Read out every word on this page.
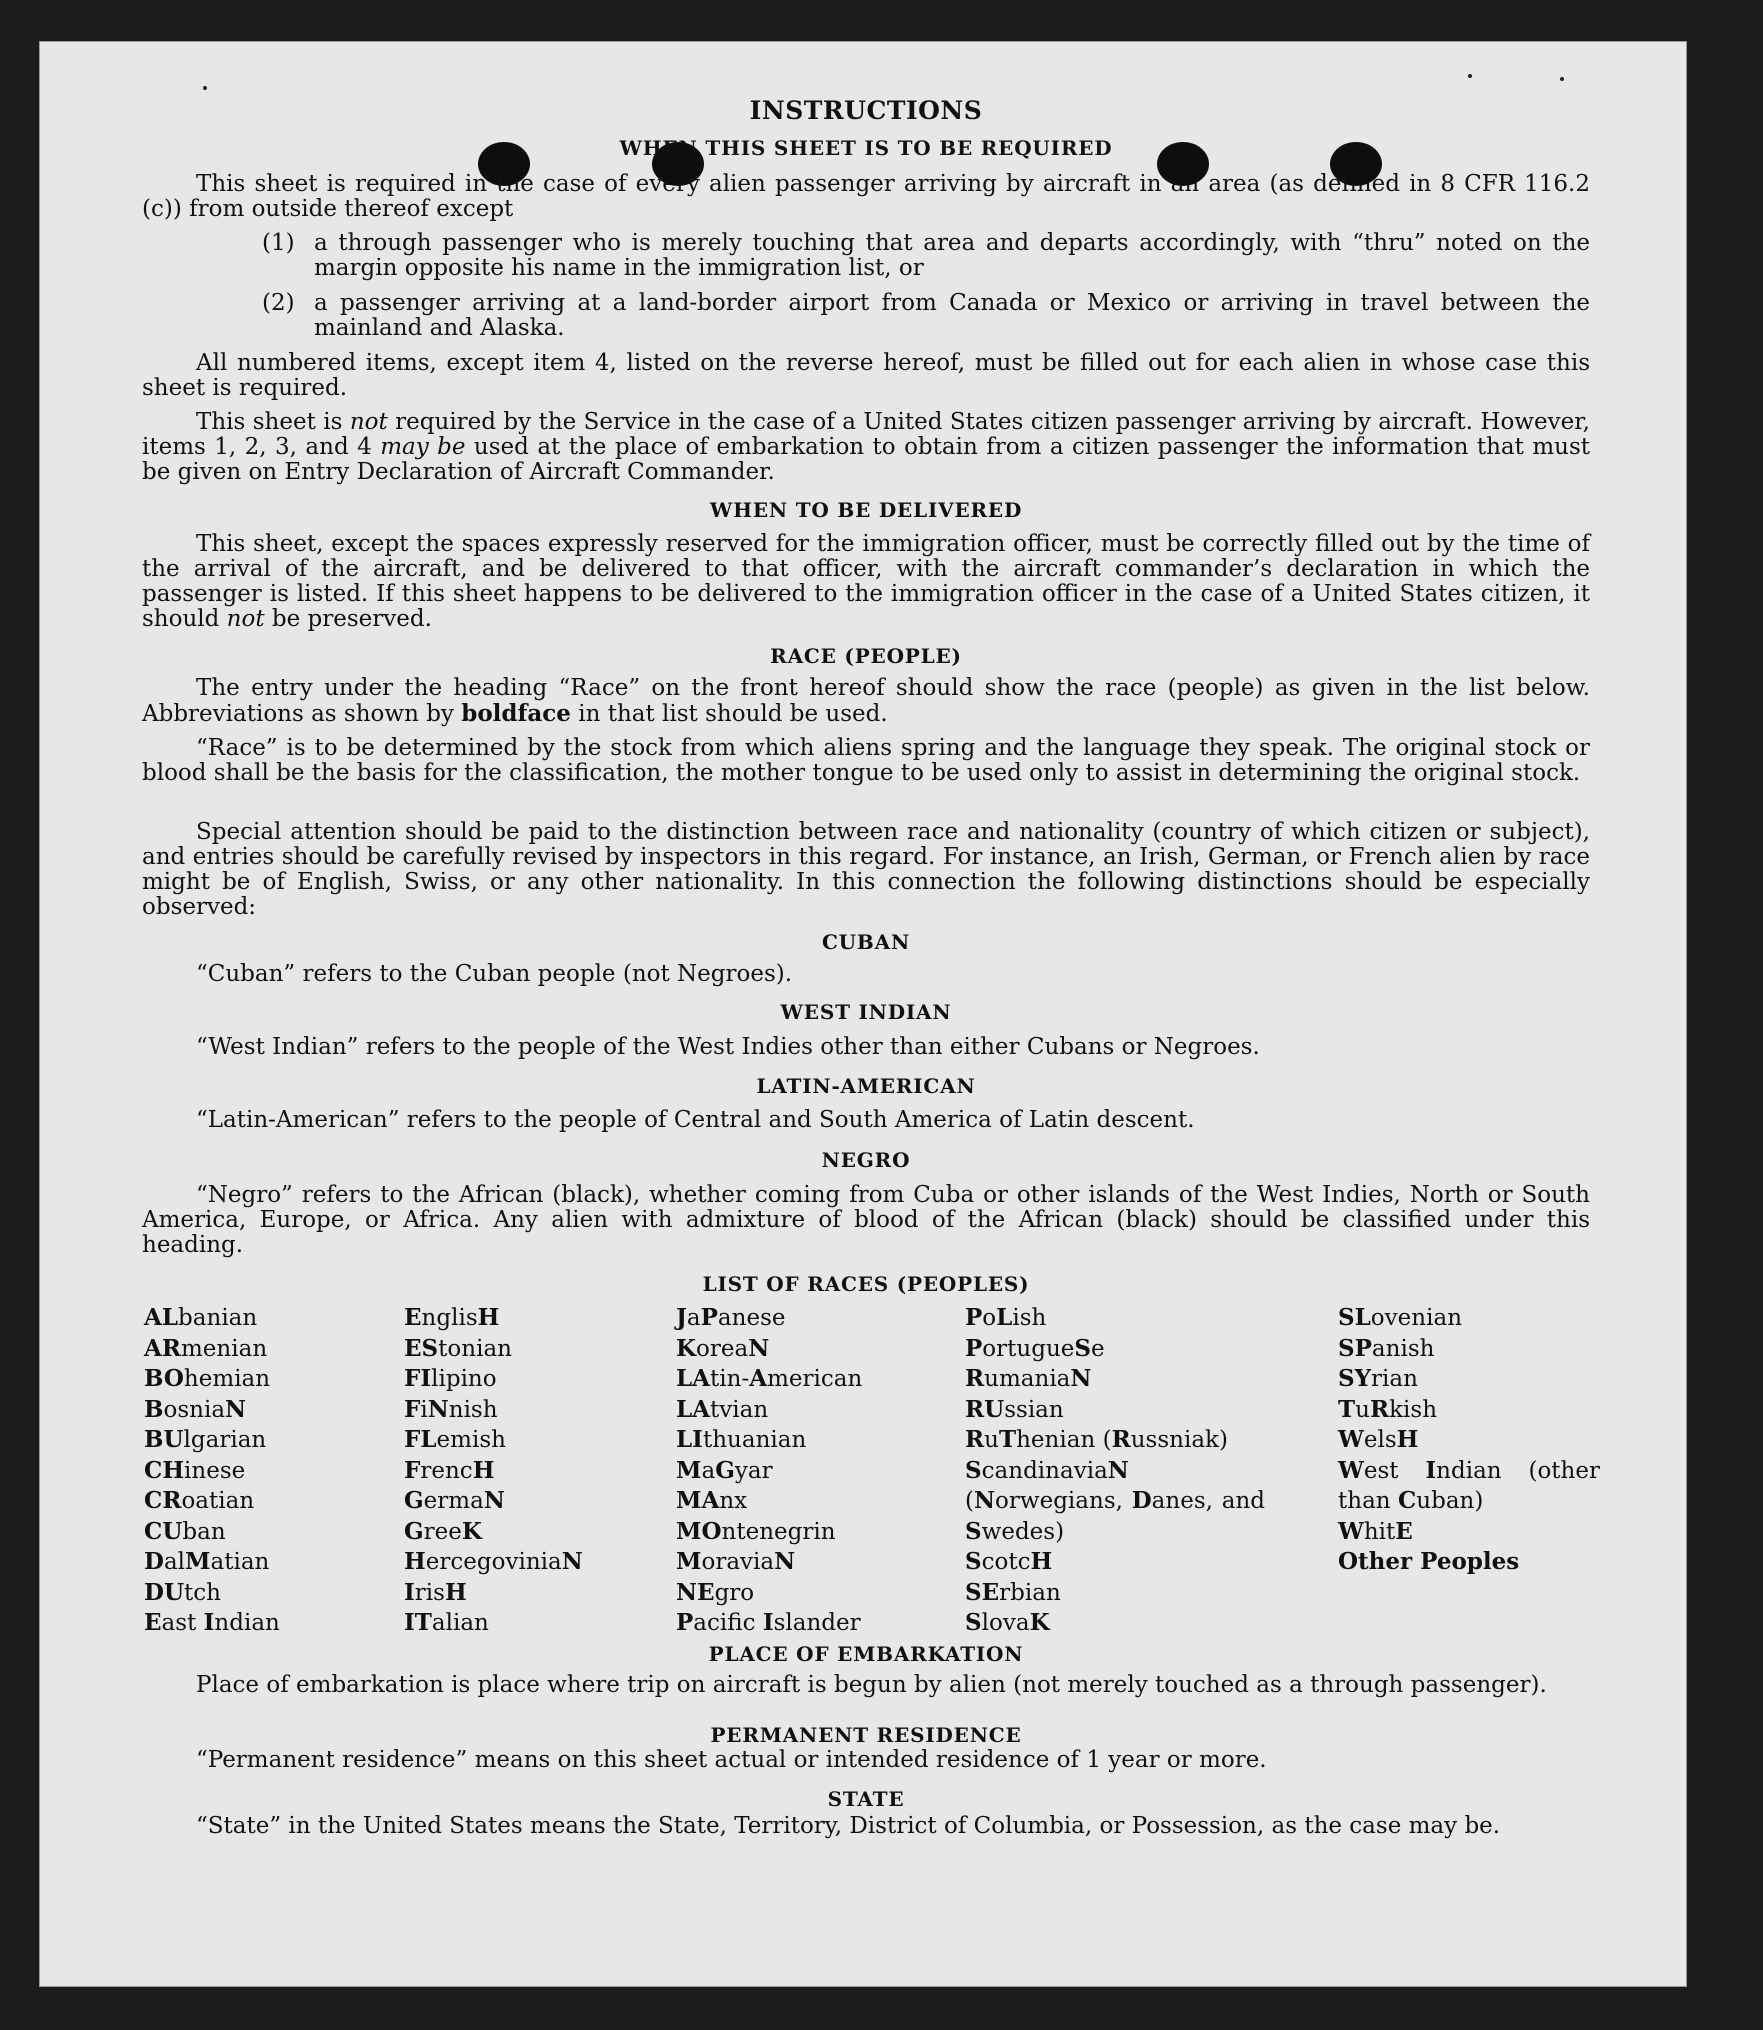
INSTRUCTIONS
WHEN THIS SHEET IS TO BE REQUIRED
This sheet is required in the case of every alien passenger arriving by aircraft in an area (as defined in 8 CFR 116.2 (c)) from outside thereof except
(1) a through passenger who is merely touching that area and departs accordingly, with “thru” noted on the margin opposite his name in the immigration list, or
(2) a passenger arriving at a land-border airport from Canada or Mexico or arriving in travel between the mainland and Alaska.
All numbered items, except item 4, listed on the reverse hereof, must be filled out for each alien in whose case this sheet is required.
This sheet is not required by the Service in the case of a United States citizen passenger arriving by aircraft. However, items 1, 2, 3, and 4 may be used at the place of embarkation to obtain from a citizen passenger the information that must be given on Entry Declaration of Aircraft Commander.
WHEN TO BE DELIVERED
This sheet, except the spaces expressly reserved for the immigration officer, must be correctly filled out by the time of the arrival of the aircraft, and be delivered to that officer, with the aircraft commander’s declaration in which the passenger is listed. If this sheet happens to be delivered to the immigration officer in the case of a United States citizen, it should not be preserved.
RACE (PEOPLE)
The entry under the heading “Race” on the front hereof should show the race (people) as given in the list below. Abbreviations as shown by boldface in that list should be used.
“Race” is to be determined by the stock from which aliens spring and the language they speak. The original stock or blood shall be the basis for the classification, the mother tongue to be used only to assist in determining the original stock.
Special attention should be paid to the distinction between race and nationality (country of which citizen or subject), and entries should be carefully revised by inspectors in this regard. For instance, an Irish, German, or French alien by race might be of English, Swiss, or any other nationality. In this connection the following distinctions should be especially observed:
CUBAN
“Cuban” refers to the Cuban people (not Negroes).
WEST INDIAN
“West Indian” refers to the people of the West Indies other than either Cubans or Negroes.
LATIN-AMERICAN
“Latin-American” refers to the people of Central and South America of Latin descent.
NEGRO
“Negro” refers to the African (black), whether coming from Cuba or other islands of the West Indies, North or South America, Europe, or Africa. Any alien with admixture of blood of the African (black) should be classified under this heading.
LIST OF RACES (PEOPLES)
ALbanian
ARmenian
BOhemian
BosniaN
BUlgarian
CHinese
CRoatian
CUban
DalMatian
DUtch
East Indian
EnglisH
EStonian
FIlipino
FiNnish
FLemish
FrencH
GermaN
GreeK
HercegoviniaN
IrisH
ITalian
JaPanese
KoreaN
LAtin-American
LAtvian
LIthuanian
MaGyar
MAnx
MOntenegrin
MoraviaN
NEgro
Pacifc Islander
PoLish
PortugueSe
RumaniaN
RUssian
RuThenian (Russniak)
ScandinaviaN (Norwegians, Danes, and Swedes)
ScotcH
SErbian
SlovaK
SLovenian
SPanish
SYrian
TuRkish
WelsH
West Indian (other than Cuban)
WhitE
Other Peoples
PLACE OF EMBARKATION
Place of embarkation is place where trip on aircraft is begun by alien (not merely touched as a through passenger).
PERMANENT RESIDENCE
“Permanent residence” means on this sheet actual or intended residence of 1 year or more.
STATE
“State” in the United States means the State, Territory, District of Columbia, or Possession, as the case may be.
